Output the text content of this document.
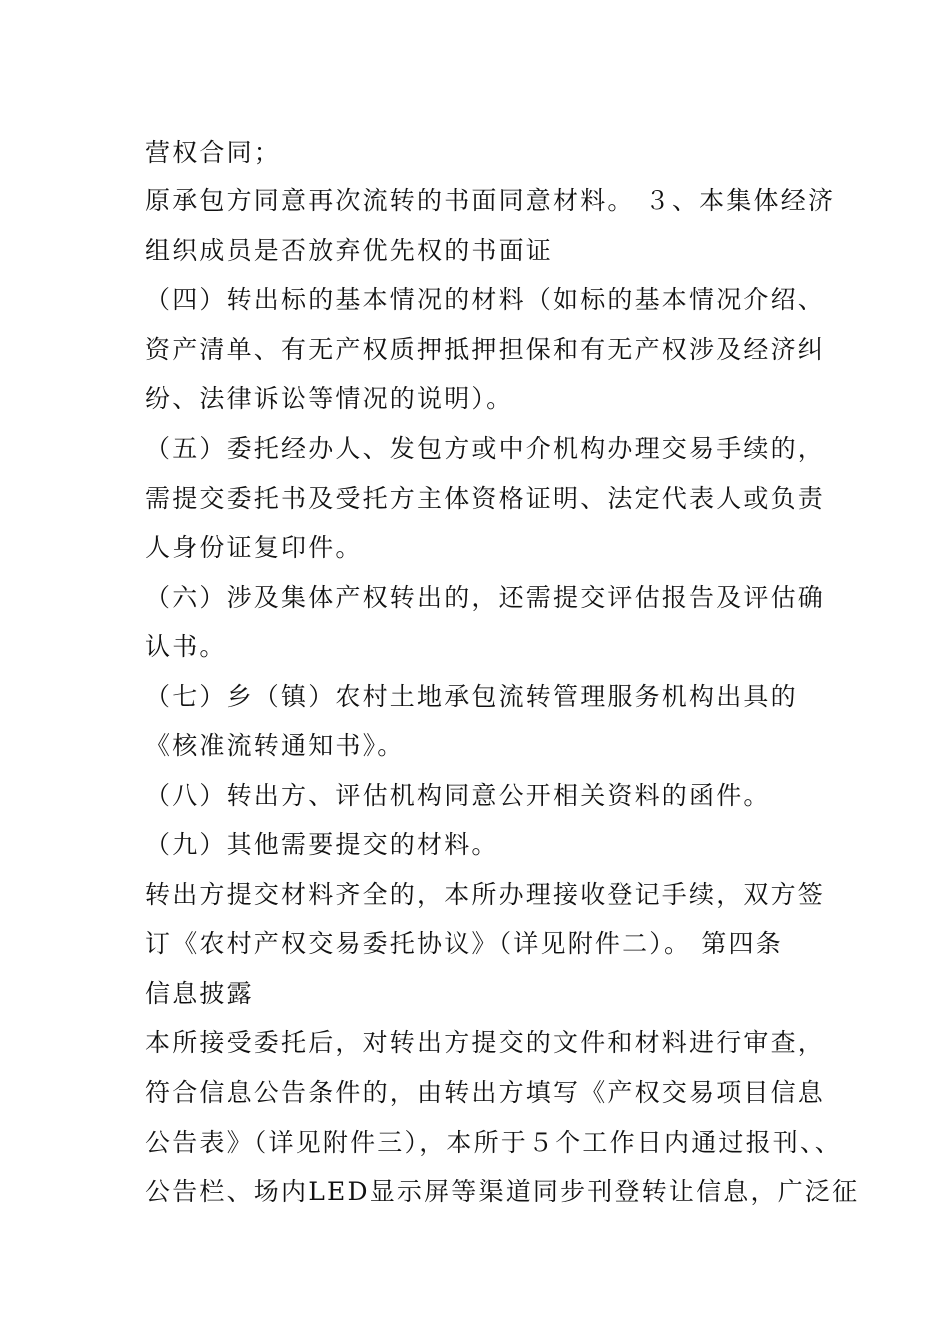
营权合同；
原承包方同意再次流转的书面同意材料。 ３、本集体经济
组织成员是否放弃优先权的书面证
（四）转出标的基本情况的材料（如标的基本情况介绍、
资产清单、有无产权质押抵押担保和有无产权涉及经济纠
纷、法律诉讼等情况的说明）。
（五）委托经办人、发包方或中介机构办理交易手续的，
需提交委托书及受托方主体资格证明、法定代表人或负责
人身份证复印件。
（六）涉及集体产权转出的，还需提交评估报告及评估确
认书。
（七）乡（镇）农村土地承包流转管理服务机构出具的
《核准流转通知书》。
（八）转出方、评估机构同意公开相关资料的函件。
（九）其他需要提交的材料。
转出方提交材料齐全的，本所办理接收登记手续，双方签
订《农村产权交易委托协议》（详见附件二）。 第四条
信息披露
本所接受委托后，对转出方提交的文件和材料进行审查，
符合信息公告条件的，由转出方填写《产权交易项目信息
公告表》（详见附件三），本所于５个工作日内通过报刊、、
公告栏、场内LED显示屏等渠道同步刊登转让信息，广泛征
